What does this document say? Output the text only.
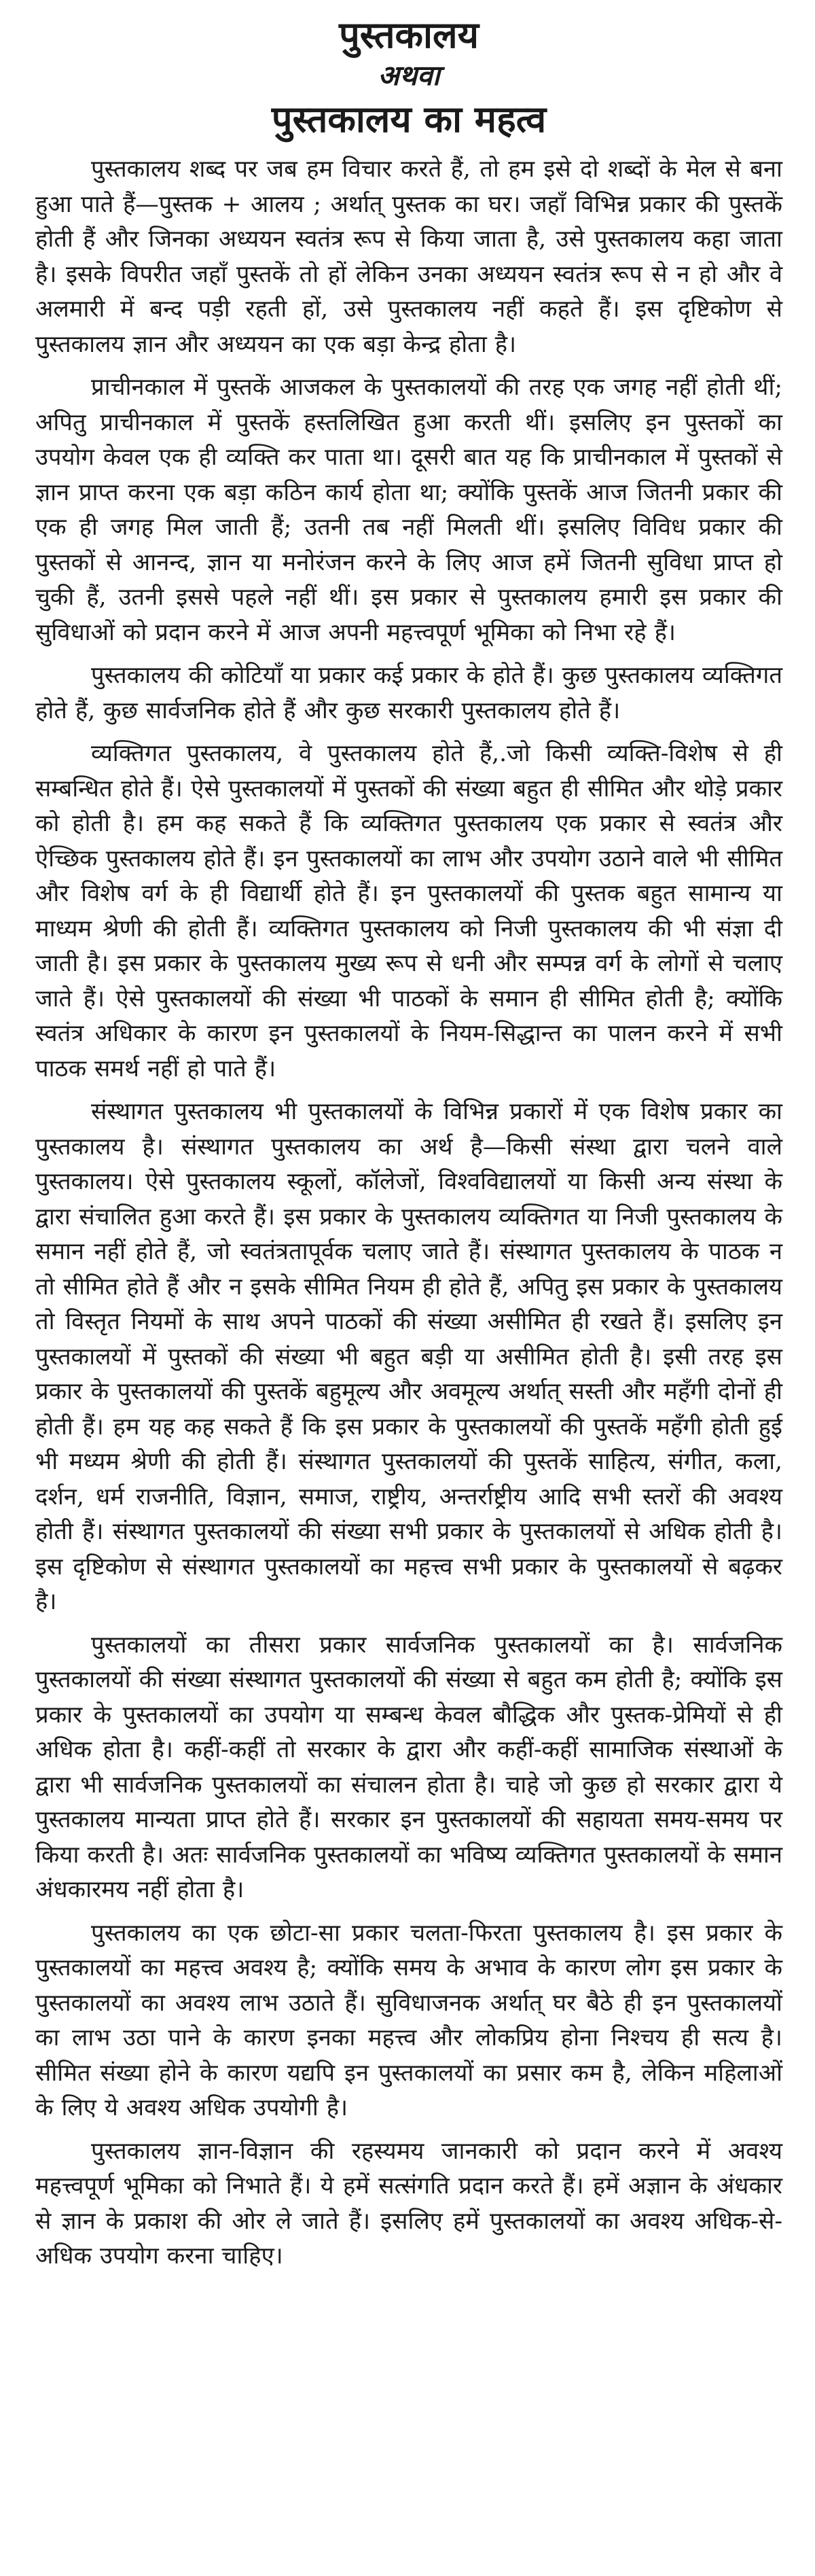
पुस्तकालय
अथवा
पुस्तकालय का महत्व

पुस्तकालय शब्द पर जब हम विचार करते हैं, तो हम इसे दो शब्दों के मेल से बना हुआ पाते हैं—पुस्तक + आलय ; अर्थात् पुस्तक का घर। जहाँ विभिन्न प्रकार की पुस्तकें होती हैं और जिनका अध्ययन स्वतंत्र रूप से किया जाता है, उसे पुस्तकालय कहा जाता है। इसके विपरीत जहाँ पुस्तकें तो हों लेकिन उनका अध्ययन स्वतंत्र रूप से न हो और वे अलमारी में बन्द पड़ी रहती हों, उसे पुस्तकालय नहीं कहते हैं। इस दृष्टिकोण से पुस्तकालय ज्ञान और अध्ययन का एक बड़ा केन्द्र होता है।

प्राचीनकाल में पुस्तकें आजकल के पुस्तकालयों की तरह एक जगह नहीं होती थीं; अपितु प्राचीनकाल में पुस्तकें हस्तलिखित हुआ करती थीं। इसलिए इन पुस्तकों का उपयोग केवल एक ही व्यक्ति कर पाता था। दूसरी बात यह कि प्राचीनकाल में पुस्तकों से ज्ञान प्राप्त करना एक बड़ा कठिन कार्य होता था; क्योंकि पुस्तकें आज जितनी प्रकार की एक ही जगह मिल जाती हैं; उतनी तब नहीं मिलती थीं। इसलिए विविध प्रकार की पुस्तकों से आनन्द, ज्ञान या मनोरंजन करने के लिए आज हमें जितनी सुविधा प्राप्त हो चुकी हैं, उतनी इससे पहले नहीं थीं। इस प्रकार से पुस्तकालय हमारी इस प्रकार की सुविधाओं को प्रदान करने में आज अपनी महत्त्वपूर्ण भूमिका को निभा रहे हैं।

पुस्तकालय की कोटियाँ या प्रकार कई प्रकार के होते हैं। कुछ पुस्तकालय व्यक्तिगत होते हैं, कुछ सार्वजनिक होते हैं और कुछ सरकारी पुस्तकालय होते हैं।

व्यक्तिगत पुस्तकालय, वे पुस्तकालय होते हैं,.जो किसी व्यक्ति-विशेष से ही सम्बन्धित होते हैं। ऐसे पुस्तकालयों में पुस्तकों की संख्या बहुत ही सीमित और थोड़े प्रकार को होती है। हम कह सकते हैं कि व्यक्तिगत पुस्तकालय एक प्रकार से स्वतंत्र और ऐच्छिक पुस्तकालय होते हैं। इन पुस्तकालयों का लाभ और उपयोग उठाने वाले भी सीमित और विशेष वर्ग के ही विद्यार्थी होते हैं। इन पुस्तकालयों की पुस्तक बहुत सामान्य या माध्यम श्रेणी की होती हैं। व्यक्तिगत पुस्तकालय को निजी पुस्तकालय की भी संज्ञा दी जाती है। इस प्रकार के पुस्तकालय मुख्य रूप से धनी और सम्पन्न वर्ग के लोगों से चलाए जाते हैं। ऐसे पुस्तकालयों की संख्या भी पाठकों के समान ही सीमित होती है; क्योंकि स्वतंत्र अधिकार के कारण इन पुस्तकालयों के नियम-सिद्धान्त का पालन करने में सभी पाठक समर्थ नहीं हो पाते हैं।

संस्थागत पुस्तकालय भी पुस्तकालयों के विभिन्न प्रकारों में एक विशेष प्रकार का पुस्तकालय है। संस्थागत पुस्तकालय का अर्थ है—किसी संस्था द्वारा चलने वाले पुस्तकालय। ऐसे पुस्तकालय स्कूलों, कॉलेजों, विश्वविद्यालयों या किसी अन्य संस्था के द्वारा संचालित हुआ करते हैं। इस प्रकार के पुस्तकालय व्यक्तिगत या निजी पुस्तकालय के समान नहीं होते हैं, जो स्वतंत्रतापूर्वक चलाए जाते हैं। संस्थागत पुस्तकालय के पाठक न तो सीमित होते हैं और न इसके सीमित नियम ही होते हैं, अपितु इस प्रकार के पुस्तकालय तो विस्तृत नियमों के साथ अपने पाठकों की संख्या असीमित ही रखते हैं। इसलिए इन पुस्तकालयों में पुस्तकों की संख्या भी बहुत बड़ी या असीमित होती है। इसी तरह इस प्रकार के पुस्तकालयों की पुस्तकें बहुमूल्य और अवमूल्य अर्थात् सस्ती और महँगी दोनों ही होती हैं। हम यह कह सकते हैं कि इस प्रकार के पुस्तकालयों की पुस्तकें महँगी होती हुई भी मध्यम श्रेणी की होती हैं। संस्थागत पुस्तकालयों की पुस्तकें साहित्य, संगीत, कला, दर्शन, धर्म राजनीति, विज्ञान, समाज, राष्ट्रीय, अन्तर्राष्ट्रीय आदि सभी स्तरों की अवश्य होती हैं। संस्थागत पुस्तकालयों की संख्या सभी प्रकार के पुस्तकालयों से अधिक होती है। इस दृष्टिकोण से संस्थागत पुस्तकालयों का महत्त्व सभी प्रकार के पुस्तकालयों से बढ़कर है।

पुस्तकालयों का तीसरा प्रकार सार्वजनिक पुस्तकालयों का है। सार्वजनिक पुस्तकालयों की संख्या संस्थागत पुस्तकालयों की संख्या से बहुत कम होती है; क्योंकि इस प्रकार के पुस्तकालयों का उपयोग या सम्बन्ध केवल बौद्धिक और पुस्तक-प्रेमियों से ही अधिक होता है। कहीं-कहीं तो सरकार के द्वारा और कहीं-कहीं सामाजिक संस्थाओं के द्वारा भी सार्वजनिक पुस्तकालयों का संचालन होता है। चाहे जो कुछ हो सरकार द्वारा ये पुस्तकालय मान्यता प्राप्त होते हैं। सरकार इन पुस्तकालयों की सहायता समय-समय पर किया करती है। अतः सार्वजनिक पुस्तकालयों का भविष्य व्यक्तिगत पुस्तकालयों के समान अंधकारमय नहीं होता है।

पुस्तकालय का एक छोटा-सा प्रकार चलता-फिरता पुस्तकालय है। इस प्रकार के पुस्तकालयों का महत्त्व अवश्य है; क्योंकि समय के अभाव के कारण लोग इस प्रकार के पुस्तकालयों का अवश्य लाभ उठाते हैं। सुविधाजनक अर्थात् घर बैठे ही इन पुस्तकालयों का लाभ उठा पाने के कारण इनका महत्त्व और लोकप्रिय होना निश्चय ही सत्य है। सीमित संख्या होने के कारण यद्यपि इन पुस्तकालयों का प्रसार कम है, लेकिन महिलाओं के लिए ये अवश्य अधिक उपयोगी है।

पुस्तकालय ज्ञान-विज्ञान की रहस्यमय जानकारी को प्रदान करने में अवश्य महत्त्वपूर्ण भूमिका को निभाते हैं। ये हमें सत्संगति प्रदान करते हैं। हमें अज्ञान के अंधकार से ज्ञान के प्रकाश की ओर ले जाते हैं। इसलिए हमें पुस्तकालयों का अवश्य अधिक-से-अधिक उपयोग करना चाहिए।
